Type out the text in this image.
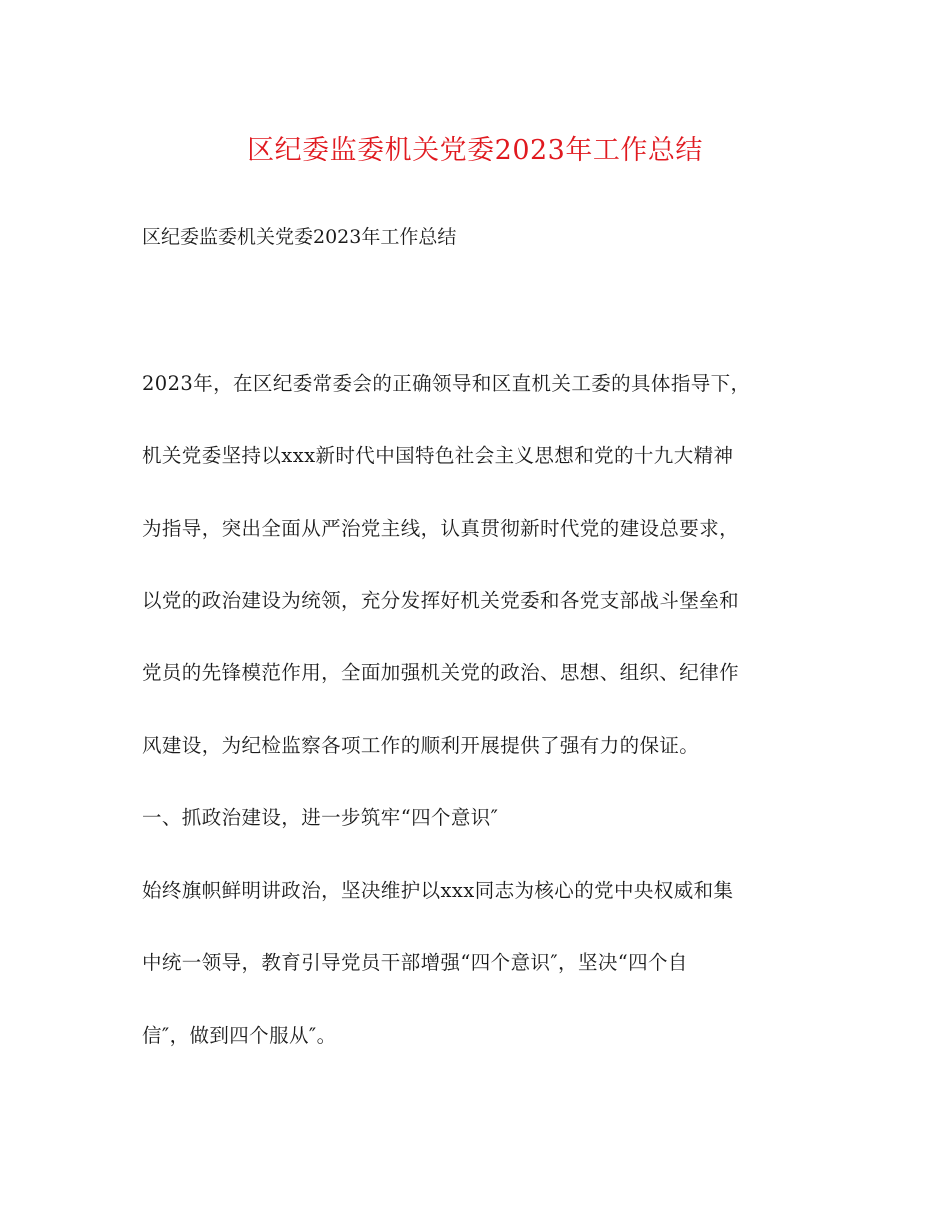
区纪委监委机关党委2023年工作总结
区纪委监委机关党委2023年工作总结
2023年，在区纪委常委会的正确领导和区直机关工委的具体指导下，
机关党委坚持以xxx新时代中国特色社会主义思想和党的十九大精神
为指导，突出全面从严治党主线，认真贯彻新时代党的建设总要求，
以党的政治建设为统领，充分发挥好机关党委和各党支部战斗堡垒和
党员的先锋模范作用，全面加强机关党的政治、思想、组织、纪律作
风建设，为纪检监察各项工作的顺利开展提供了强有力的保证。
一、抓政治建设，进一步筑牢“四个意识″
始终旗帜鲜明讲政治，坚决维护以xxx同志为核心的党中央权威和集
中统一领导，教育引导党员干部增强“四个意识″，坚决“四个自
信″，做到四个服从″。
